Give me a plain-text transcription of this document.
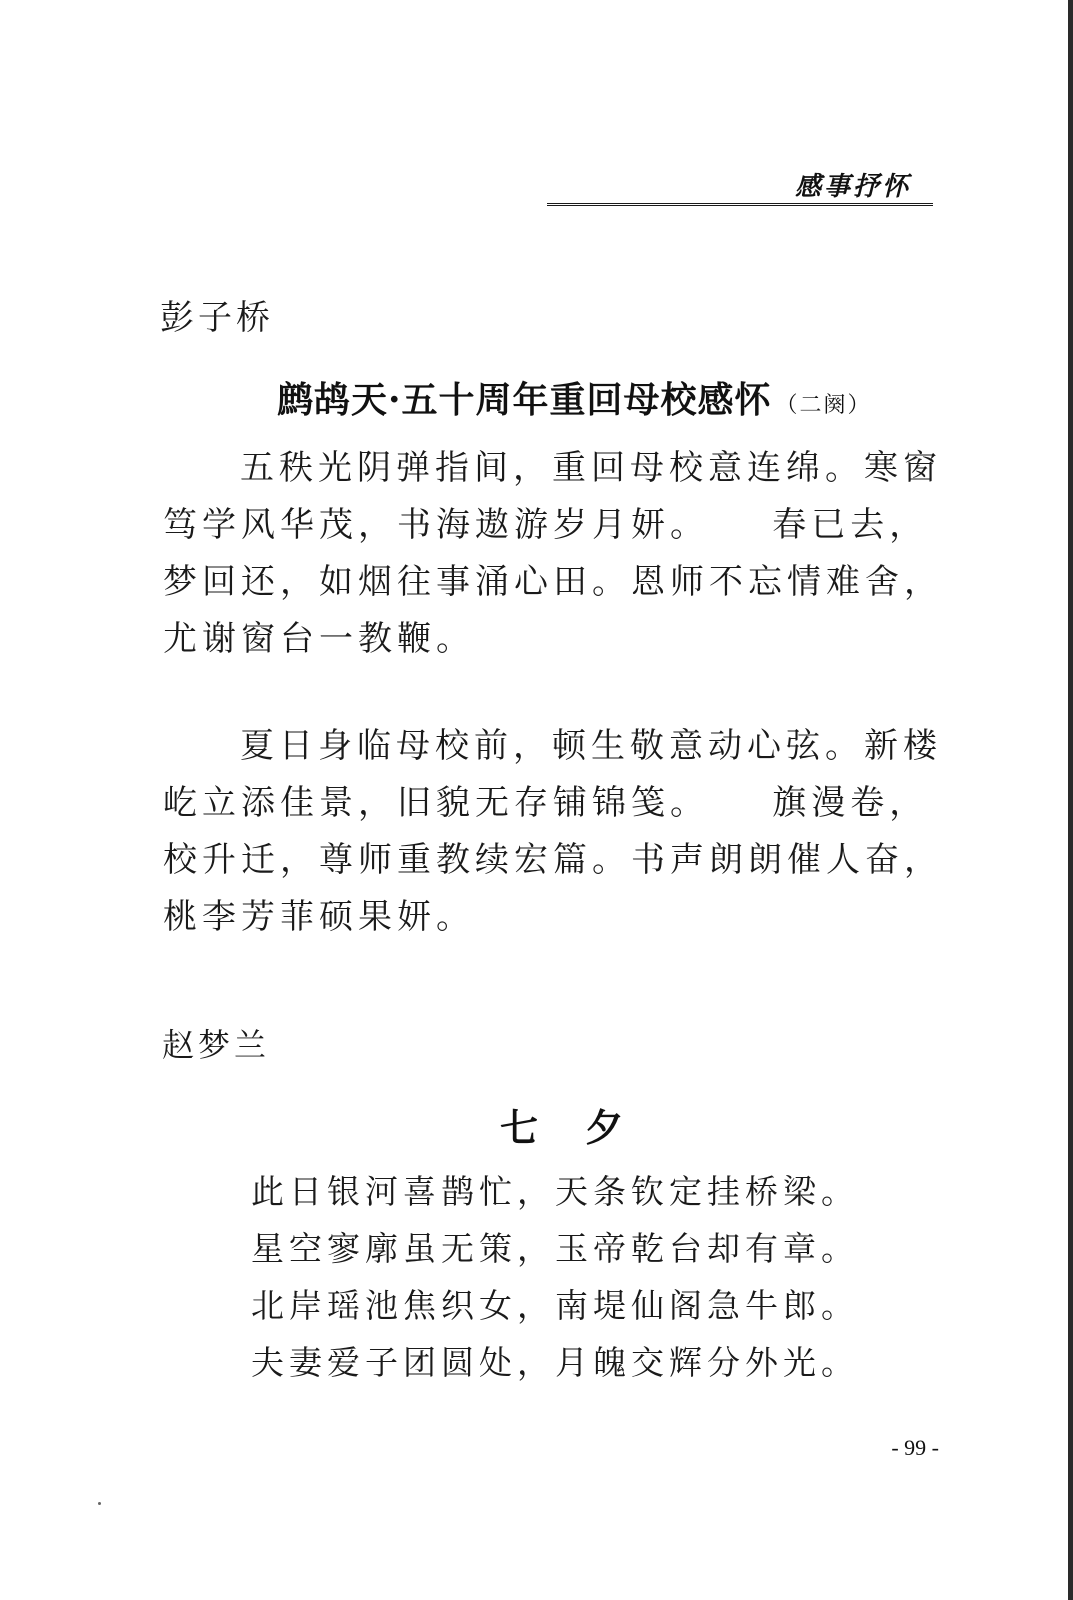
感事抒怀
彭子桥
鹧鸪天·五十周年重回母校感怀 （二阕）

五秩光阴弹指间，重回母校意连绵。寒窗笃学风华茂，书海遨游岁月妍。    春已去，梦回还，如烟往事涌心田。恩师不忘情难舍，尤谢窗台一教鞭。

夏日身临母校前，顿生敬意动心弦。新楼屹立添佳景，旧貌无存铺锦笺。    旗漫卷，校升迁，尊师重教续宏篇。书声朗朗催人奋，桃李芳菲硕果妍。

赵梦兰
七 夕
此日银河喜鹊忙，天条钦定挂桥梁。
星空寥廓虽无策，玉帝乾台却有章。
北岸瑶池焦织女，南堤仙阁急牛郎。
夫妻爱子团圆处，月魄交辉分外光。
- 99 -
